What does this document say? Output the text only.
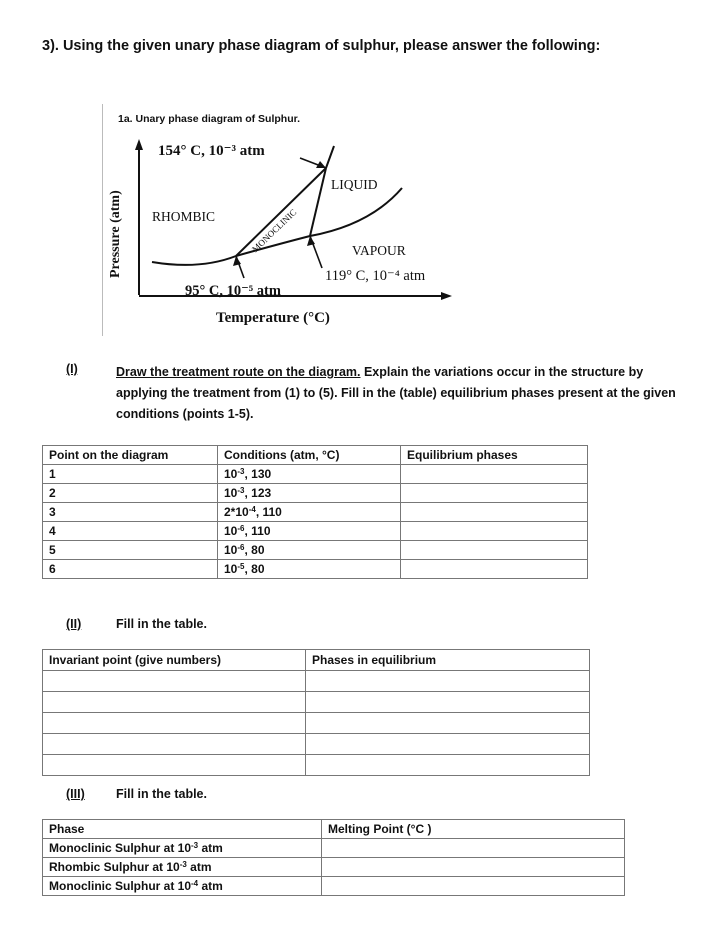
3). Using the given unary phase diagram of sulphur, please answer the following:
1a. Unary phase diagram of Sulphur.
Pressure (atm)
154° C, 10⁻³ atm
RHOMBIC	MONOCLINIC
LIQUID
VAPOUR
119° C, 10⁻⁴ atm
95° C, 10⁻⁵ atm
Temperature (°C)
(I)	Draw the treatment route on the diagram. Explain the variations occur in the structure by applying the treatment from (1) to (5). Fill in the (table) equilibrium phases present at the given conditions (points 1-5).
Point on the diagram	Conditions (atm, °C)	Equilibrium phases
1	$10^{-3}$, 130	
2	$10^{-3}$, 123	
3	$2*10^{-4}$, 110	
4	$10^{-6}$, 110	
5	$10^{-6}$, 80	
6	$10^{-5}$, 80	
(II)	Fill in the table.
Invariant point (give numbers)	Phases in equilibrium

(III)	Fill in the table.
Phase	Melting Point (°C )
Monoclinic Sulphur at $10^{-3}$ atm	
Rhombic Sulphur at $10^{-3}$ atm	
Monoclinic Sulphur at $10^{-4}$ atm	
